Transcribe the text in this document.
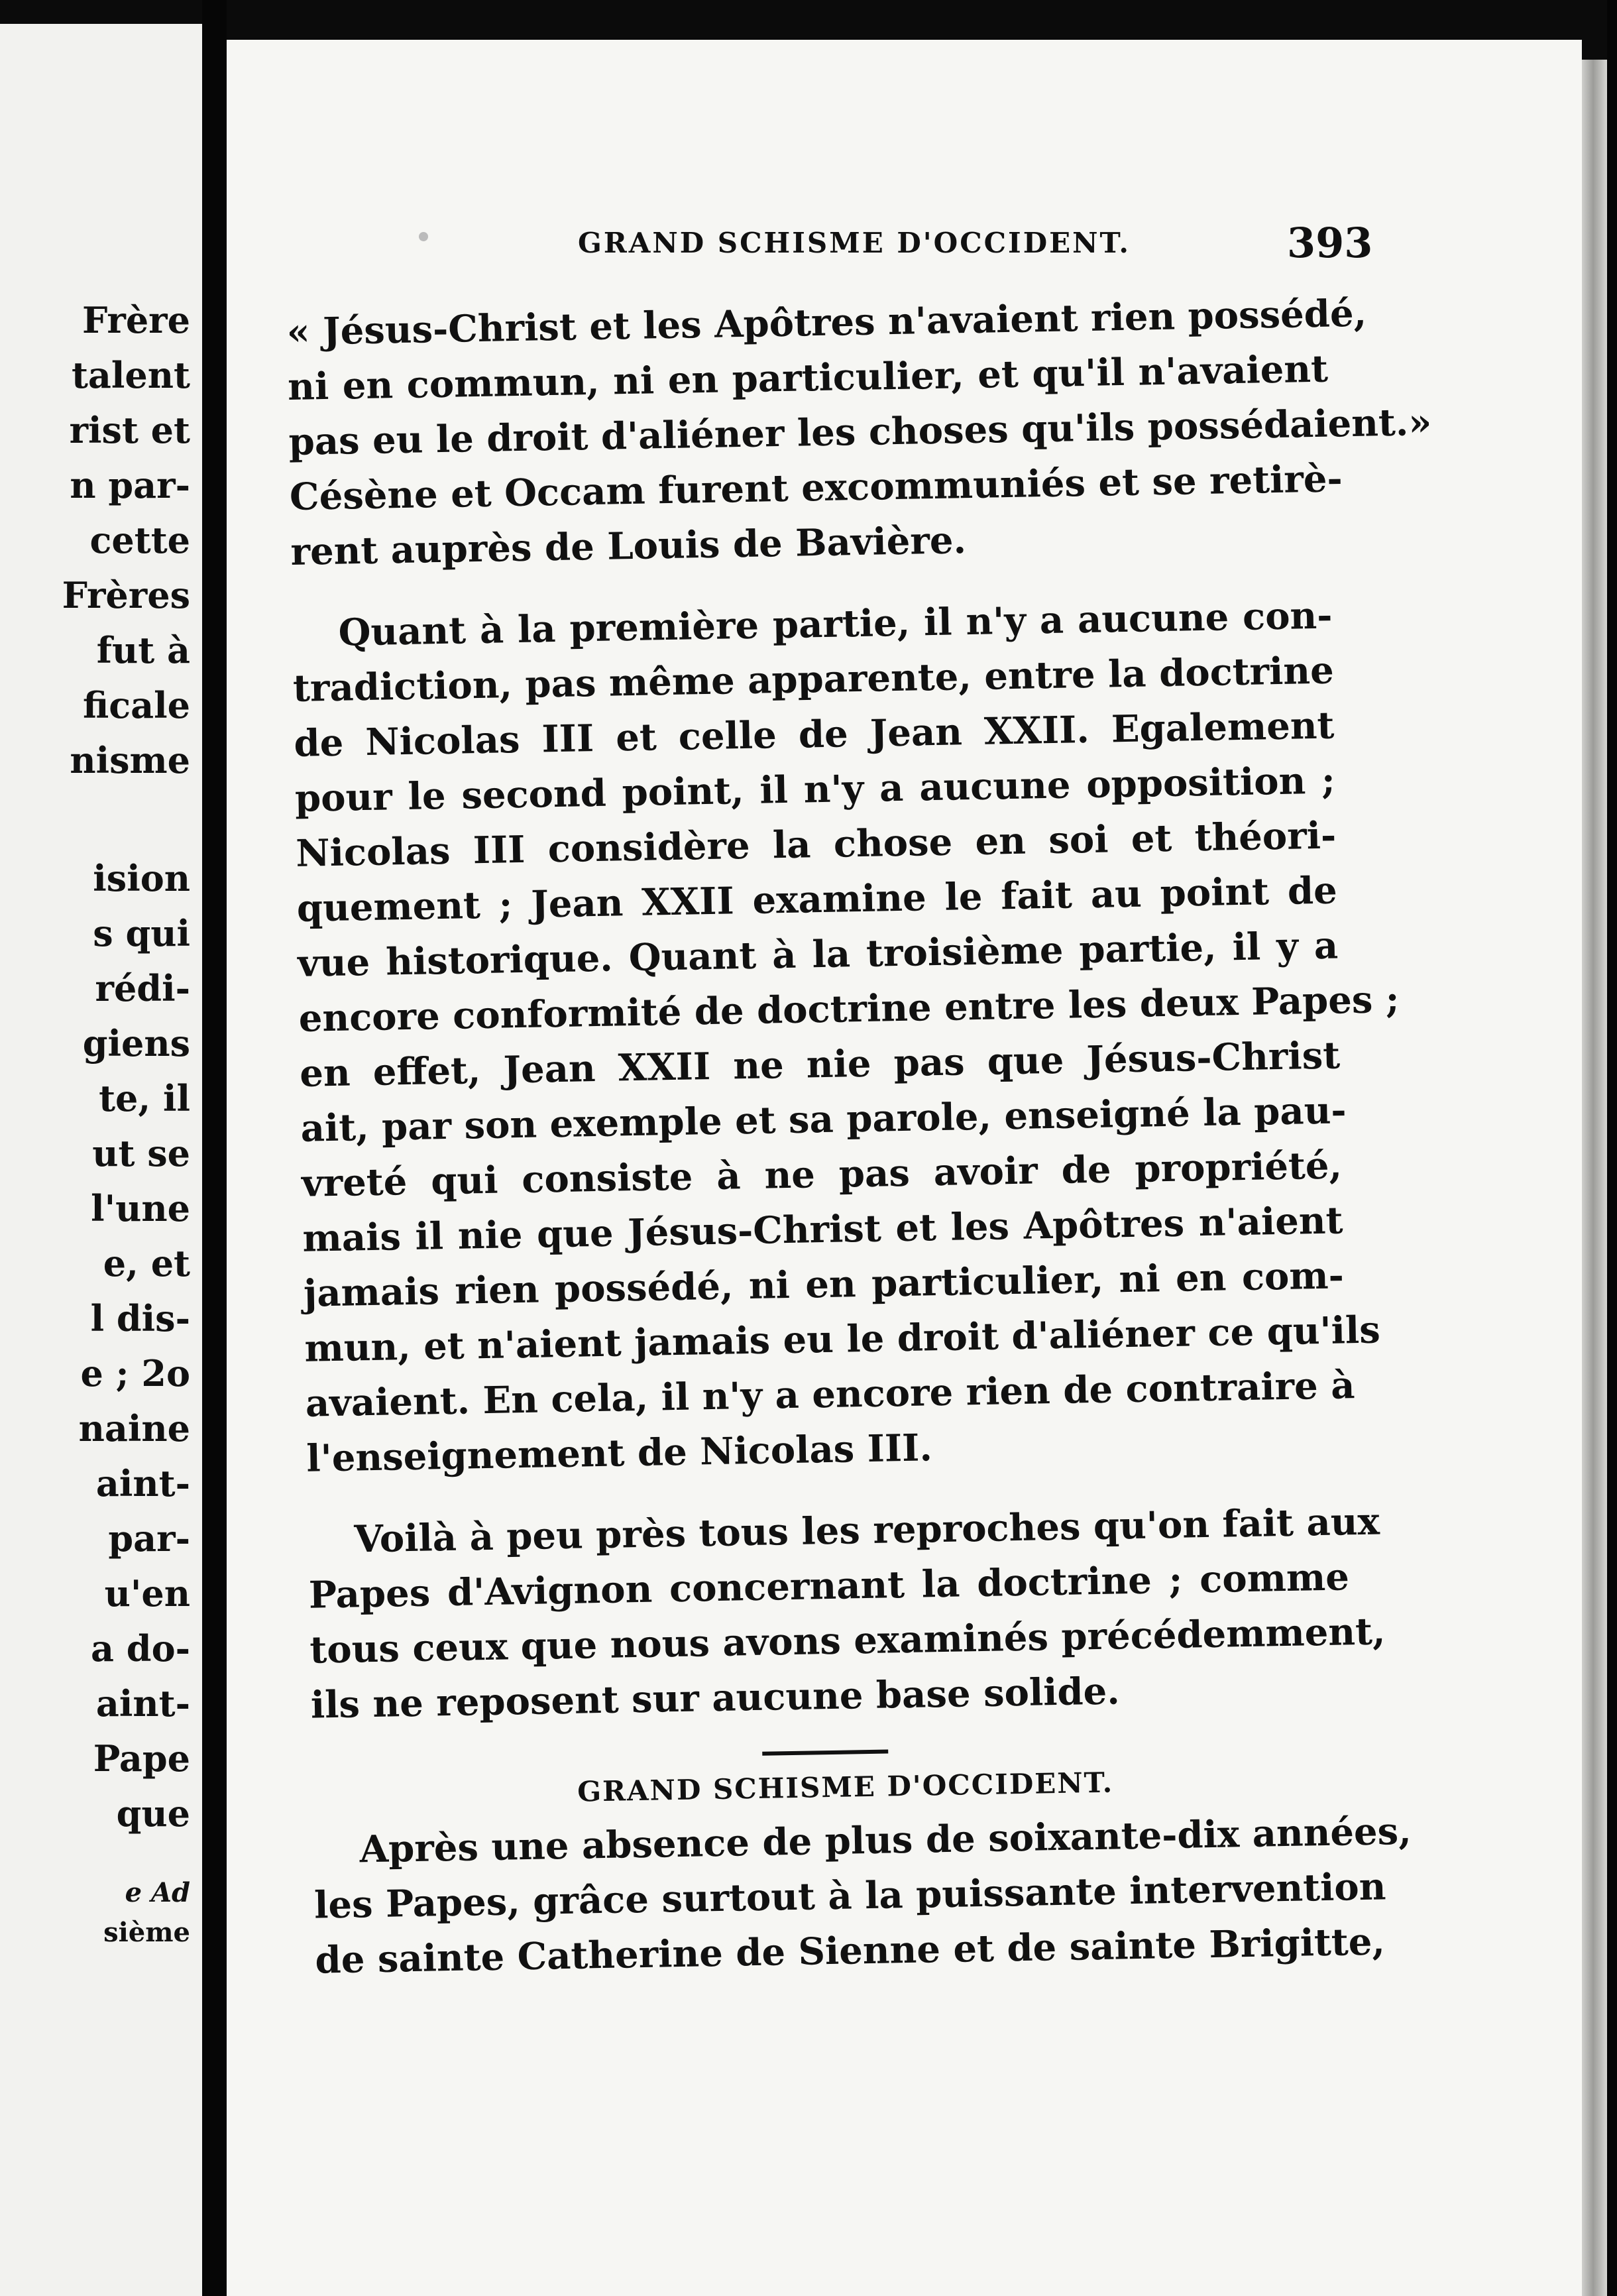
Frère
talent
rist et
n par-
cette
Frères
fut à
ficale
nisme
ision
s qui
rédi-
giens
te, il
ut se
l'une
e, et
l dis-
e ; 2o
naine
aint-
par-
u'en
a do-
aint-
Pape
que
e Ad
sième
GRAND SCHISME D'OCCIDENT.	393
« Jésus-Christ et les Apôtres n'avaient rien possédé,
ni en commun, ni en particulier, et qu'il n'avaient
pas eu le droit d'aliéner les choses qu'ils possédaient.»
Césène et Occam furent excommuniés et se retirè-
rent auprès de Louis de Bavière.
Quant à la première partie, il n'y a aucune con-
tradiction, pas même apparente, entre la doctrine
de Nicolas III et celle de Jean XXII. Egalement
pour le second point, il n'y a aucune opposition ;
Nicolas III considère la chose en soi et théori-
quement ; Jean XXII examine le fait au point de
vue historique. Quant à la troisième partie, il y a
encore conformité de doctrine entre les deux Papes ;
en effet, Jean XXII ne nie pas que Jésus-Christ
ait, par son exemple et sa parole, enseigné la pau-
vreté qui consiste à ne pas avoir de propriété,
mais il nie que Jésus-Christ et les Apôtres n'aient
jamais rien possédé, ni en particulier, ni en com-
mun, et n'aient jamais eu le droit d'aliéner ce qu'ils
avaient. En cela, il n'y a encore rien de contraire à
l'enseignement de Nicolas III.
Voilà à peu près tous les reproches qu'on fait aux
Papes d'Avignon concernant la doctrine ; comme
tous ceux que nous avons examinés précédemment,
ils ne reposent sur aucune base solide.
GRAND SCHISME D'OCCIDENT.
Après une absence de plus de soixante-dix années,
les Papes, grâce surtout à la puissante intervention
de sainte Catherine de Sienne et de sainte Brigitte,
